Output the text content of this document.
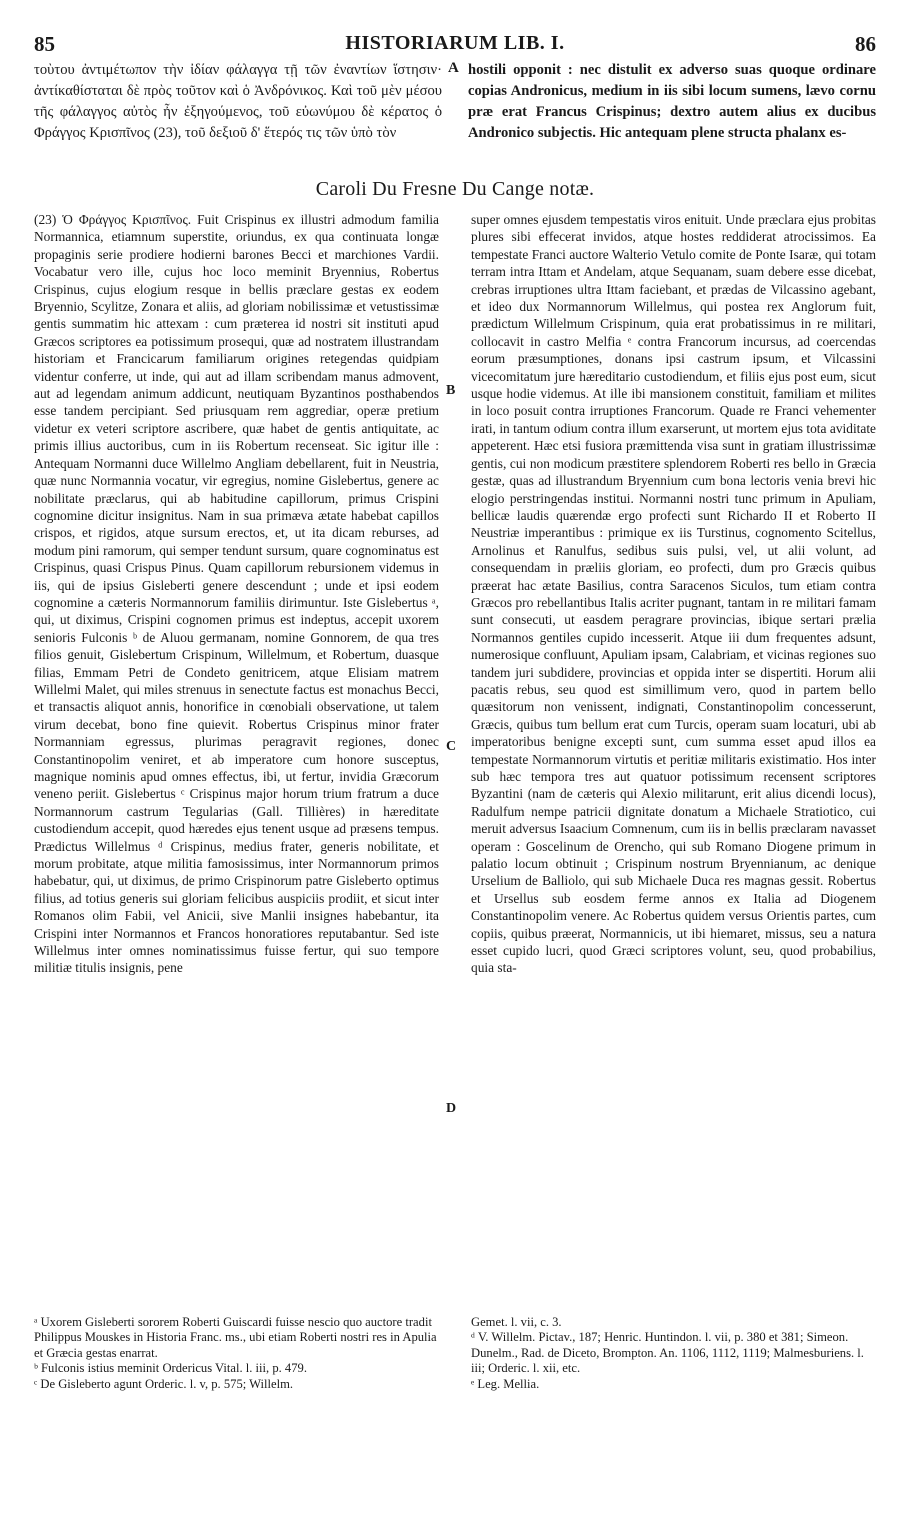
85	HISTORIARUM LIB. I.	86

τοὺτου ἀντιμέτωπον τὴν ἰδίαν φάλαγγα τῇ τῶν ἐναντίων ἵστησιν· ἀντίκαθίσταται δὲ πρὸς τοῦτον καὶ ὁ Ἀνδρόνικος. Καὶ τοῦ μὲν μέσου τῆς φάλαγγος αὐτὸς ἦν ἐξηγούμενος, τοῦ εὐωνύμου δὲ κέρατος ὁ Φράγγος Κρισπῖνος (23), τοῦ δεξιοῦ δ' ἕτερός τις τῶν ὑπὸ τὸν

A hostili opponit : nec distulit ex adverso suas quoque ordinare copias Andronicus, medium in iis sibi locum sumens, lævo cornu præ erat Francus Crispinus; dextro autem alius ex ducibus Andronico subjectis. Hic antequam plene structa phalanx es-

Caroli Du Fresne Du Cange notæ.

(23) Ὁ Φράγγος Κρισπῖνος. Fuit Crispinus ex illustri admodum familia Normannica, etiamnum superstite, oriundus, ex qua continuata longæ propaginis serie prodiere hodierni barones Becci et marchiones Vardii. Vocabatur vero ille, cujus hoc loco meminit Bryennius, Robertus Crispinus, cujus elogium resque in bellis præclare gestas ex eodem Bryennio, Scylitze, Zonara et aliis, ad gloriam nobilissimæ et vetustissimæ gentis summatim hic attexam : cum præterea id nostri sit instituti apud Græcos scriptores ea potissimum prosequi, quæ ad nostratem illustrandam historiam et Francicarum familiarum origines retegendas quidpiam videntur conferre, ut inde, qui aut ad illam scribendam manus admovent, aut ad legendam animum addicunt, neutiquam Byzantinos posthabendos esse tandem percipiant. Sed priusquam rem aggrediar, operæ pretium videtur ex veteri scriptore ascribere, quæ habet de gentis antiquitate, ac primis illius auctoribus, cum in iis Robertum recenseat. Sic igitur ille : Antequam Normanni duce Willelmo Angliam debellarent, fuit in Neustria, quæ nunc Normannia vocatur, vir egregius, nomine Gislebertus, genere ac nobilitate præclarus, qui ab habitudine capillorum, primus Crispini cognomine dicitur insignitus. Nam in sua primæva ætate habebat capillos crispos, et rigidos, atque sursum erectos, et, ut ita dicam reburses, ad modum pini ramorum, qui semper tendunt sursum, quare cognominatus est Crispinus, quasi Crispus Pinus. Quam capillorum rebursionem videmus in iis, qui de ipsius Gisleberti genere descendunt ; unde et ipsi eodem cognomine a cæteris Normannorum familiis dirimuntur. Iste Gislebertus ᵃ, qui, ut diximus, Crispini cognomen primus est indeptus, accepit uxorem senioris Fulconis ᵇ de Aluou germanam, nomine Gonnorem, de qua tres filios genuit, Gislebertum Crispinum, Willelmum, et Robertum, duasque filias, Emmam Petri de Condeto genitricem, atque Elisiam matrem Willelmi Malet, qui miles strenuus in senectute factus est monachus Becci, et transactis aliquot annis, honorifice in cœnobiali observatione, ut talem virum decebat, bono fine quievit. Robertus Crispinus minor frater Normanniam egressus, plurimas peragravit regiones, donec Constantinopolim veniret, et ab imperatore cum honore susceptus, magnique nominis apud omnes effectus, ibi, ut fertur, invidia Græcorum veneno periit. Gislebertus ᶜ Crispinus major horum trium fratrum a duce Normannorum castrum Tegularias (Gall. Tillières) in hæreditate custodiendum accepit, quod hæredes ejus tenent usque ad præsens tempus. Prædictus Willelmus ᵈ Crispinus, medius frater, generis nobilitate, et morum probitate, atque militia famosissimus, inter Normannorum primos habebatur, qui, ut diximus, de primo Crispinorum patre Gisleberto optimus filius, ad totius generis sui gloriam felicibus auspiciis prodiit, et sicut inter Romanos olim Fabii, vel Anicii, sive Manlii insignes habebantur, ita Crispini inter Normannos et Francos honoratiores reputabantur. Sed iste Willelmus inter omnes nominatissimus fuisse fertur, qui suo tempore militiæ titulis insignis, pene

B
C
D

super omnes ejusdem tempestatis viros enituit. Unde præclara ejus probitas plures sibi effecerat invidos, atque hostes reddiderat atrocissimos. Ea tempestate Franci auctore Walterio Vetulo comite de Ponte Isaræ, qui totam terram intra Ittam et Andelam, atque Sequanam, suam debere esse dicebat, crebras irruptiones ultra Ittam faciebant, et prædas de Vilcassino agebant, et ideo dux Normannorum Willelmus, qui postea rex Anglorum fuit, prædictum Willelmum Crispinum, quia erat probatissimus in re militari, collocavit in castro Melfia ᵉ contra Francorum incursus, ad coercendas eorum præsumptiones, donans ipsi castrum ipsum, et Vilcassini vicecomitatum jure hæreditario custodiendum, et filiis ejus post eum, sicut usque hodie videmus. At ille ibi mansionem constituit, familiam et milites in loco posuit contra irruptiones Francorum. Quade re Franci vehementer irati, in tantum odium contra illum exarserunt, ut mortem ejus tota aviditate appeterent. Hæc etsi fusiora præmittenda visa sunt in gratiam illustrissimæ gentis, cui non modicum præstitere splendorem Roberti res bello in Græcia gestæ, quas ad illustrandum Bryennium cum bona lectoris venia brevi hic elogio perstringendas institui. Normanni nostri tunc primum in Apuliam, bellicæ laudis quærendæ ergo profecti sunt Richardo II et Roberto II Neustriæ imperantibus : primique ex iis Turstinus, cognomento Scitellus, Arnolinus et Ranulfus, sedibus suis pulsi, vel, ut alii volunt, ad consequendam in præliis gloriam, eo profecti, dum pro Græcis quibus præerat hac ætate Basilius, contra Saracenos Siculos, tum etiam contra Græcos pro rebellantibus Italis acriter pugnant, tantam in re militari famam sunt consecuti, ut easdem peragrare provincias, ibique sertari prælia Normannos gentiles cupido incesserit. Atque iii dum frequentes adsunt, numerosique confluunt, Apuliam ipsam, Calabriam, et vicinas regiones suo tandem juri subdidere, provincias et oppida inter se dispertiti. Horum alii pacatis rebus, seu quod est simillimum vero, quod in partem bello quæsitorum non venissent, indignati, Constantinopolim concesserunt, Græcis, quibus tum bellum erat cum Turcis, operam suam locaturi, ubi ab imperatoribus benigne excepti sunt, cum summa esset apud illos ea tempestate Normannorum virtutis et peritiæ militaris existimatio. Hos inter sub hæc tempora tres aut quatuor potissimum recensent scriptores Byzantini (nam de cæteris qui Alexio militarunt, erit alius dicendi locus), Radulfum nempe patricii dignitate donatum a Michaele Stratiotico, cui meruit adversus Isaacium Comnenum, cum iis in bellis præclaram navasset operam : Goscelinum de Orencho, qui sub Romano Diogene primum in palatio locum obtinuit ; Crispinum nostrum Bryennianum, ac denique Urselium de Balliolo, qui sub Michaele Duca res magnas gessit. Robertus et Ursellus sub eosdem ferme annos ex Italia ad Diogenem Constantinopolim venere. Ac Robertus quidem versus Orientis partes, cum copiis, quibus præerat, Normannicis, ut ibi hiemaret, missus, seu a natura esset cupido lucri, quod Græci scriptores volunt, seu, quod probabilius, quia sta-

ᵃ Uxorem Gisleberti sororem Roberti Guiscardi fuisse nescio quo auctore tradit Philippus Mouskes in Historia Franc. ms., ubi etiam Roberti nostri res in Apulia et Græcia gestas enarrat.

ᵇ Fulconis istius meminit Ordericus Vital. l. iii, p. 479.

ᶜ De Gisleberto agunt Orderic. l. v, p. 575; Willelm.

Gemet. l. vii, c. 3.

ᵈ V. Willelm. Pictav., 187; Henric. Huntindon. l. vii, p. 380 et 381; Simeon. Dunelm., Rad. de Diceto, Brompton. An. 1106, 1112, 1119; Malmesburiens. l. iii; Orderic. l. xii, etc.

ᵉ Leg. Mellia.
